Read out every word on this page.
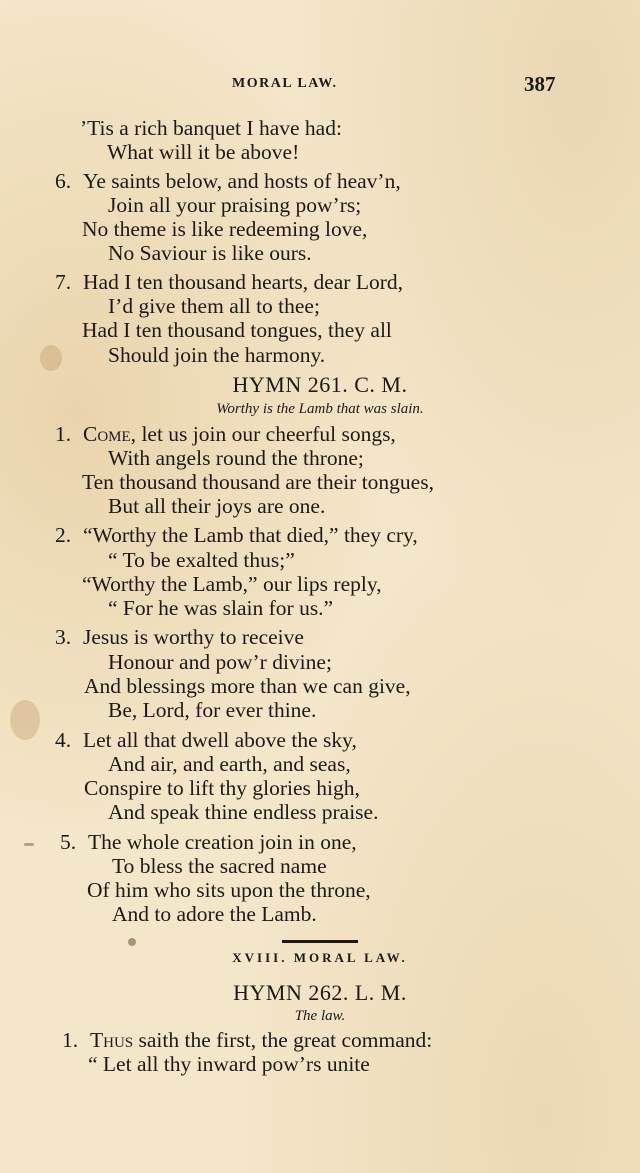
MORAL LAW.	387
’Tis a rich banquet I have had:
What will it be above!
6. Ye saints below, and hosts of heav’n,
Join all your praising pow’rs;
No theme is like redeeming love,
No Saviour is like ours.
7. Had I ten thousand hearts, dear Lord,
I’d give them all to thee;
Had I ten thousand tongues, they all
Should join the harmony.
HYMN 261. C. M.
Worthy is the Lamb that was slain.
1. Come, let us join our cheerful songs,
With angels round the throne;
Ten thousand thousand are their tongues,
But all their joys are one.
2. “Worthy the Lamb that died,” they cry,
“ To be exalted thus;”
“Worthy the Lamb,” our lips reply,
“ For he was slain for us.”
3. Jesus is worthy to receive
Honour and pow’r divine;
And blessings more than we can give,
Be, Lord, for ever thine.
4. Let all that dwell above the sky,
And air, and earth, and seas,
Conspire to lift thy glories high,
And speak thine endless praise.
5. The whole creation join in one,
To bless the sacred name
Of him who sits upon the throne,
And to adore the Lamb.
XVIII. MORAL LAW.
HYMN 262. L. M.
The law.
1. Thus saith the first, the great command:
“ Let all thy inward pow’rs unite
